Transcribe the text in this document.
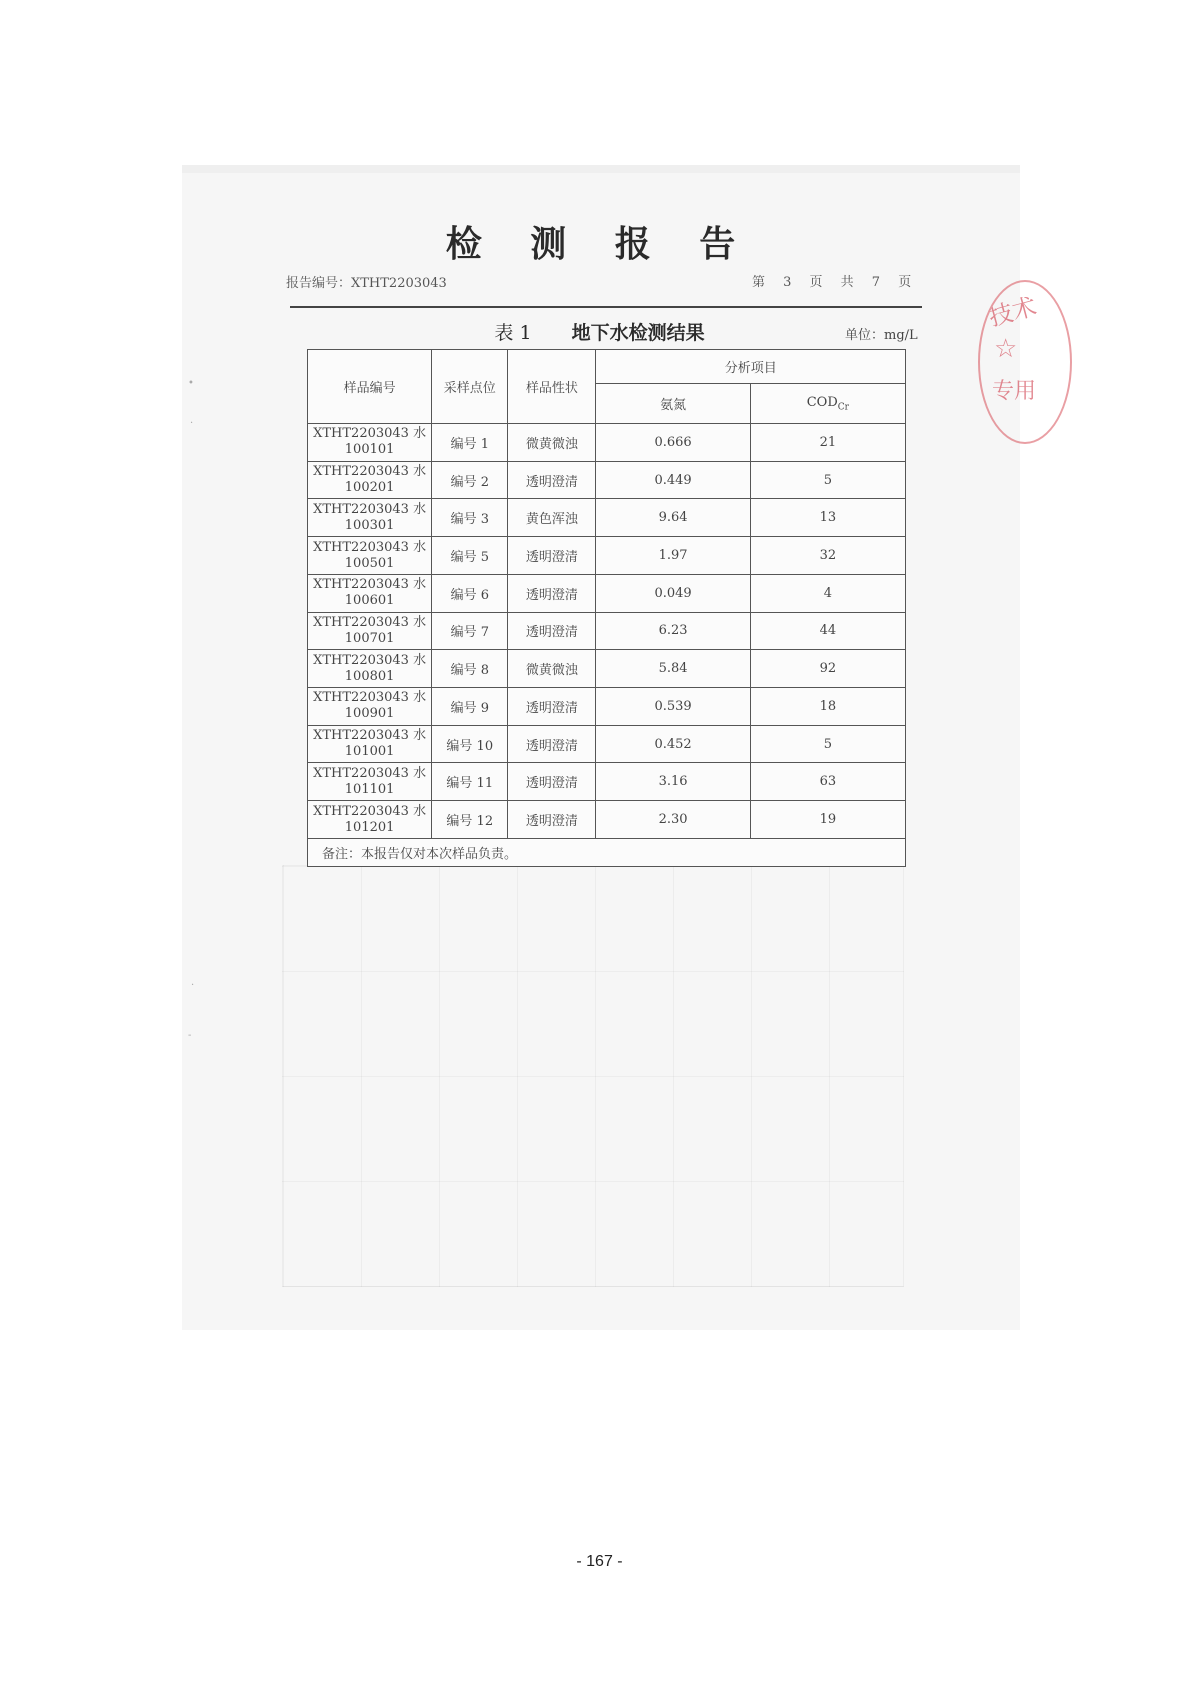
检 测 报 告
报告编号：XTHT2203043	第 3 页 共 7 页
表 1 地下水检测结果	单位：mg/L
样品编号	采样点位	样品性状	分析项目	
			氨氮	$COD_{Cr}$

XTHT2203043 水
100101	编号 1	微黄微浊	0.666	21

XTHT2203043 水
100201	编号 2	透明澄清	0.449	5

XTHT2203043 水
100301	编号 3	黄色浑浊	9.64	13

XTHT2203043 水
100501	编号 5	透明澄清	1.97	32

XTHT2203043 水
100601	编号 6	透明澄清	0.049	4

XTHT2203043 水
100701	编号 7	透明澄清	6.23	44

XTHT2203043 水
100801	编号 8	微黄微浊	5.84	92

XTHT2203043 水
100901	编号 9	透明澄清	0.539	18

XTHT2203043 水
101001	编号 10	透明澄清	0.452	5

XTHT2203043 水
101101	编号 11	透明澄清	3.16	63

XTHT2203043 水
101201	编号 12	透明澄清	2.30	19
备注：本报告仅对本次样品负责。				
技术
☆
专用
•
·
·
-
- 167 -
